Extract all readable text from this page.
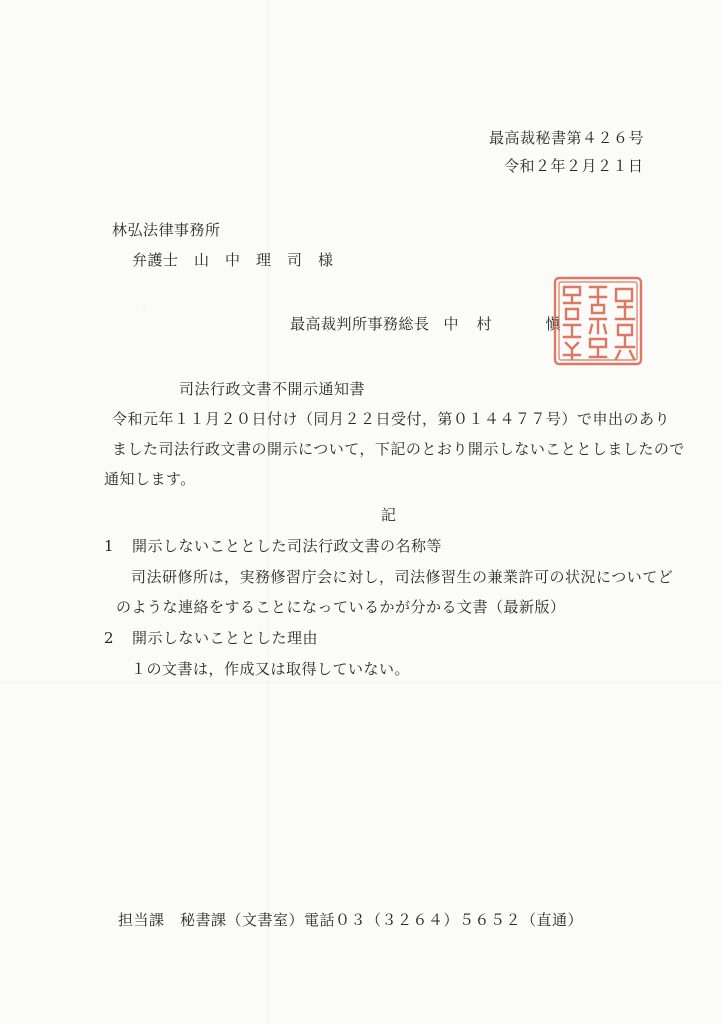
最高裁秘書第４２６号
令和２年２月２１日
林弘法律事務所
弁護士　山　中　理　司　様
最高裁判所事務総長 中村 愼
司法行政文書不開示通知書
令和元年１１月２０日付け（同月２２日受付，第０１４４７７号）で申出のあり
ました司法行政文書の開示について，下記のとおり開示しないこととしましたので
通知します。
記
1 開示しないこととした司法行政文書の名称等
司法研修所は，実務修習庁会に対し，司法修習生の兼業許可の状況についてど
のような連絡をすることになっているかが分かる文書（最新版）
2 開示しないこととした理由
１の文書は，作成又は取得していない。
担当課　秘書課（文書室）電話０３（３２６４）５６５２（直通）
